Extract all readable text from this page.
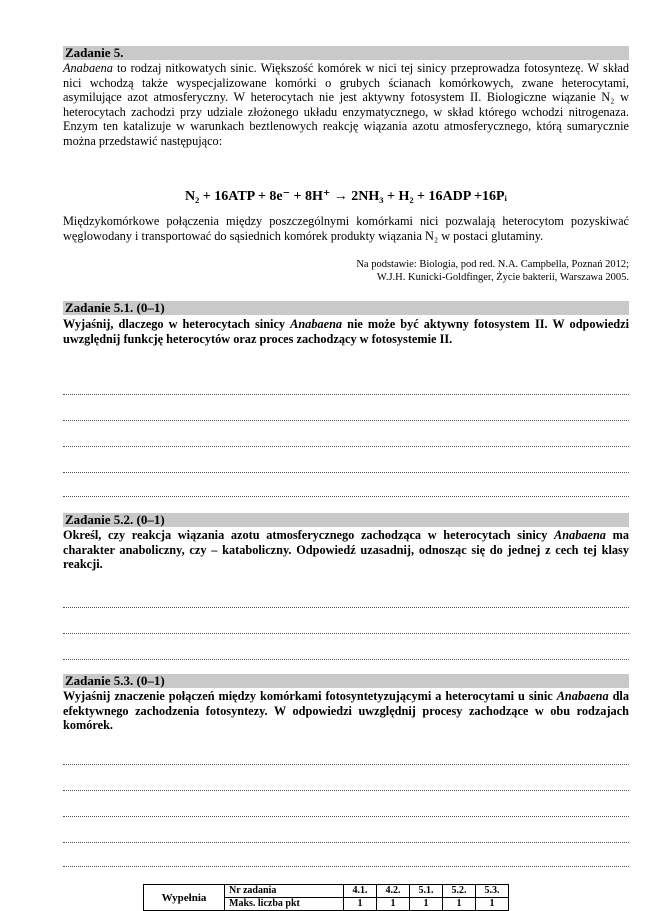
Zadanie 5.
Anabaena to rodzaj nitkowatych sinic. Większość komórek w nici tej sinicy przeprowadza fotosyntezę. W skład nici wchodzą także wyspecjalizowane komórki o grubych ścianach komórkowych, zwane heterocytami, asymilujące azot atmosferyczny. W heterocytach nie jest aktywny fotosystem II. Biologiczne wiązanie N₂ w heterocytach zachodzi przy udziale złożonego układu enzymatycznego, w skład którego wchodzi nitrogenaza. Enzym ten katalizuje w warunkach beztlenowych reakcję wiązania azotu atmosferycznego, którą sumarycznie można przedstawić następująco:
N₂ + 16ATP + 8e⁻ + 8H⁺ → 2NH₃ + H₂ + 16ADP +16Pᵢ
Międzykomórkowe połączenia między poszczególnymi komórkami nici pozwalają heterocytom pozyskiwać węglowodany i transportować do sąsiednich komórek produkty wiązania N₂ w postaci glutaminy.
Na podstawie: Biologia, pod red. N.A. Campbella, Poznań 2012;
W.J.H. Kunicki-Goldfinger, Życie bakterii, Warszawa 2005.
Zadanie 5.1. (0–1)
Wyjaśnij, dlaczego w heterocytach sinicy Anabaena nie może być aktywny fotosystem II. W odpowiedzi uwzględnij funkcję heterocytów oraz proces zachodzący w fotosystemie II.
Zadanie 5.2. (0–1)
Określ, czy reakcja wiązania azotu atmosferycznego zachodząca w heterocytach sinicy Anabaena ma charakter anaboliczny, czy – kataboliczny. Odpowiedź uzasadnij, odnosząc się do jednej z cech tej klasy reakcji.
Zadanie 5.3. (0–1)
Wyjaśnij znaczenie połączeń między komórkami fotosyntetyzującymi a heterocytami u sinic Anabaena dla efektywnego zachodzenia fotosyntezy. W odpowiedzi uwzględnij procesy zachodzące w obu rodzajach komórek.
Wypełnia	Nr zadania	4.1.	4.2.	5.1.	5.2.	5.3.
	Maks. liczba pkt	1	1	1	1	1
